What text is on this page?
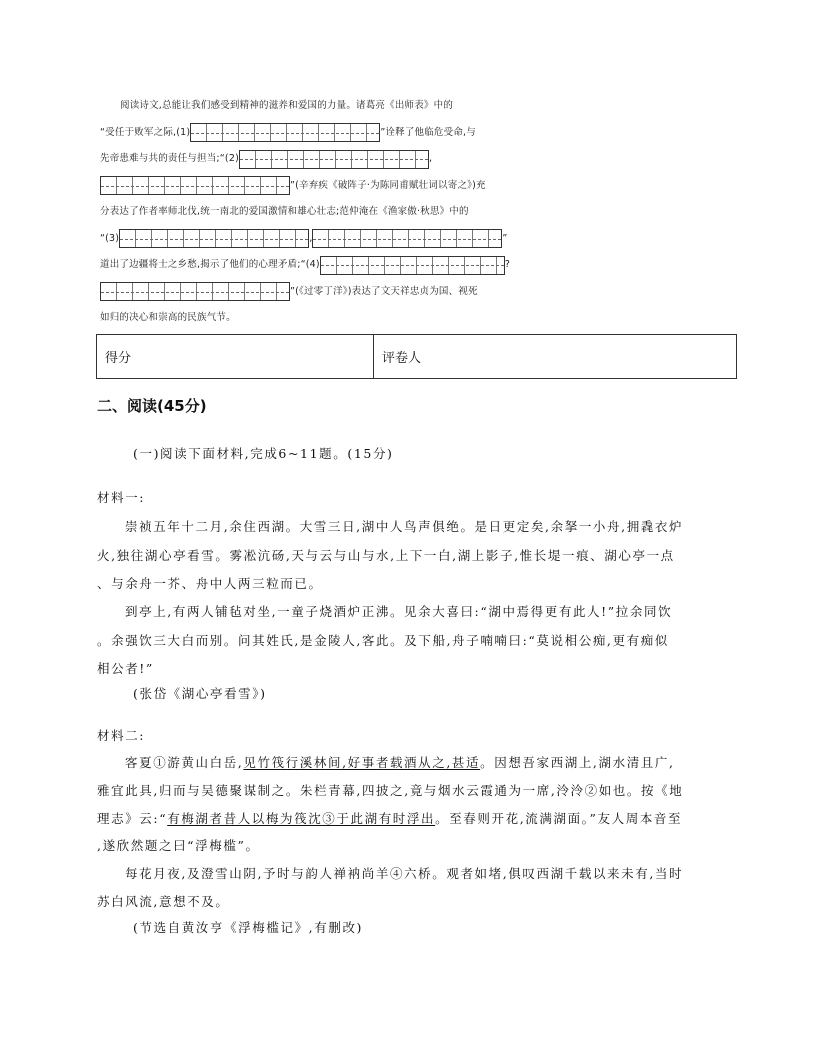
阅读诗文,总能让我们感受到精神的滋养和爱国的力量。诸葛亮《出师表》中的
“受任于败军之际,(1)	”诠释了他临危受命,与
先帝患难与共的责任与担当;“(2)	,
”(辛弃疾《破阵子·为陈同甫赋壮词以寄之》)充
分表达了作者率师北伐,统一南北的爱国激情和雄心壮志;范仲淹在《渔家傲·秋思》中的
“(3)	,	”
道出了边疆将士之乡愁,揭示了他们的心理矛盾;“(4)	?
”(《过零丁洋》)表达了文天祥忠贞为国、视死
如归的决心和崇高的民族气节。
得分	评卷人
二、阅读(45分)
(一)阅读下面材料,完成6~11题。(15分)
材料一:
崇祯五年十二月,余住西湖。大雪三日,湖中人鸟声俱绝。是日更定矣,余拏一小舟,拥毳衣炉
火,独往湖心亭看雪。雾凇沆砀,天与云与山与水,上下一白,湖上影子,惟长堤一痕、湖心亭一点
、与余舟一芥、舟中人两三粒而已。
到亭上,有两人铺毡对坐,一童子烧酒炉正沸。见余大喜曰:“湖中焉得更有此人!”拉余同饮
。余强饮三大白而别。问其姓氏,是金陵人,客此。及下船,舟子喃喃曰:“莫说相公痴,更有痴似
相公者!”
(张岱《湖心亭看雪》)
材料二:
客夏①游黄山白岳,见竹筏行溪林间,好事者载酒从之,甚适。因想吾家西湖上,湖水清且广,
雅宜此具,归而与吴德聚谋制之。朱栏青幕,四披之,竟与烟水云霞通为一席,泠泠②如也。按《地
理志》云:“有梅湖者昔人以梅为筏沈③于此湖有时浮出。至春则开花,流满湖面。”友人周本音至
,遂欣然题之曰“浮梅槛”。
每花月夜,及澄雪山阴,予时与韵人禅衲尚羊④六桥。观者如堵,俱叹西湖千载以来未有,当时
苏白风流,意想不及。
(节选自黄汝亨《浮梅槛记》,有删改)
